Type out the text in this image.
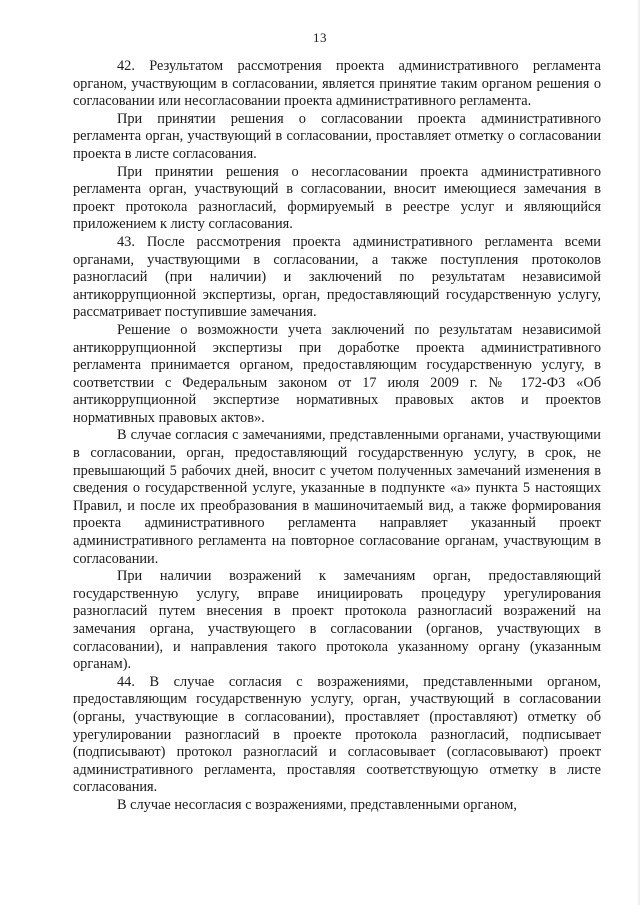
13

42. Результатом рассмотрения проекта административного регламента органом, участвующим в согласовании, является принятие таким органом решения о согласовании или несогласовании проекта административного регламента.

При принятии решения о согласовании проекта административного регламента орган, участвующий в согласовании, проставляет отметку о согласовании проекта в листе согласования.

При принятии решения о несогласовании проекта административного регламента орган, участвующий в согласовании, вносит имеющиеся замечания в проект протокола разногласий, формируемый в реестре услуг и являющийся приложением к листу согласования.

43. После рассмотрения проекта административного регламента всеми органами, участвующими в согласовании, а также поступления протоколов разногласий (при наличии) и заключений по результатам независимой антикоррупционной экспертизы, орган, предоставляющий государственную услугу, рассматривает поступившие замечания.

Решение о возможности учета заключений по результатам независимой антикоррупционной экспертизы при доработке проекта административного регламента принимается органом, предоставляющим государственную услугу, в соответствии с Федеральным законом от 17 июля 2009 г. № 172-ФЗ «Об антикоррупционной экспертизе нормативных правовых актов и проектов нормативных правовых актов».

В случае согласия с замечаниями, представленными органами, участвующими в согласовании, орган, предоставляющий государственную услугу, в срок, не превышающий 5 рабочих дней, вносит с учетом полученных замечаний изменения в сведения о государственной услуге, указанные в подпункте «а» пункта 5 настоящих Правил, и после их преобразования в машиночитаемый вид, а также формирования проекта административного регламента направляет указанный проект административного регламента на повторное согласование органам, участвующим в согласовании.

При наличии возражений к замечаниям орган, предоставляющий государственную услугу, вправе инициировать процедуру урегулирования разногласий путем внесения в проект протокола разногласий возражений на замечания органа, участвующего в согласовании (органов, участвующих в согласовании), и направления такого протокола указанному органу (указанным органам).

44. В случае согласия с возражениями, представленными органом, предоставляющим государственную услугу, орган, участвующий в согласовании (органы, участвующие в согласовании), проставляет (проставляют) отметку об урегулировании разногласий в проекте протокола разногласий, подписывает (подписывают) протокол разногласий и согласовывает (согласовывают) проект административного регламента, проставляя соответствующую отметку в листе согласования.

В случае несогласия с возражениями, представленными органом,
